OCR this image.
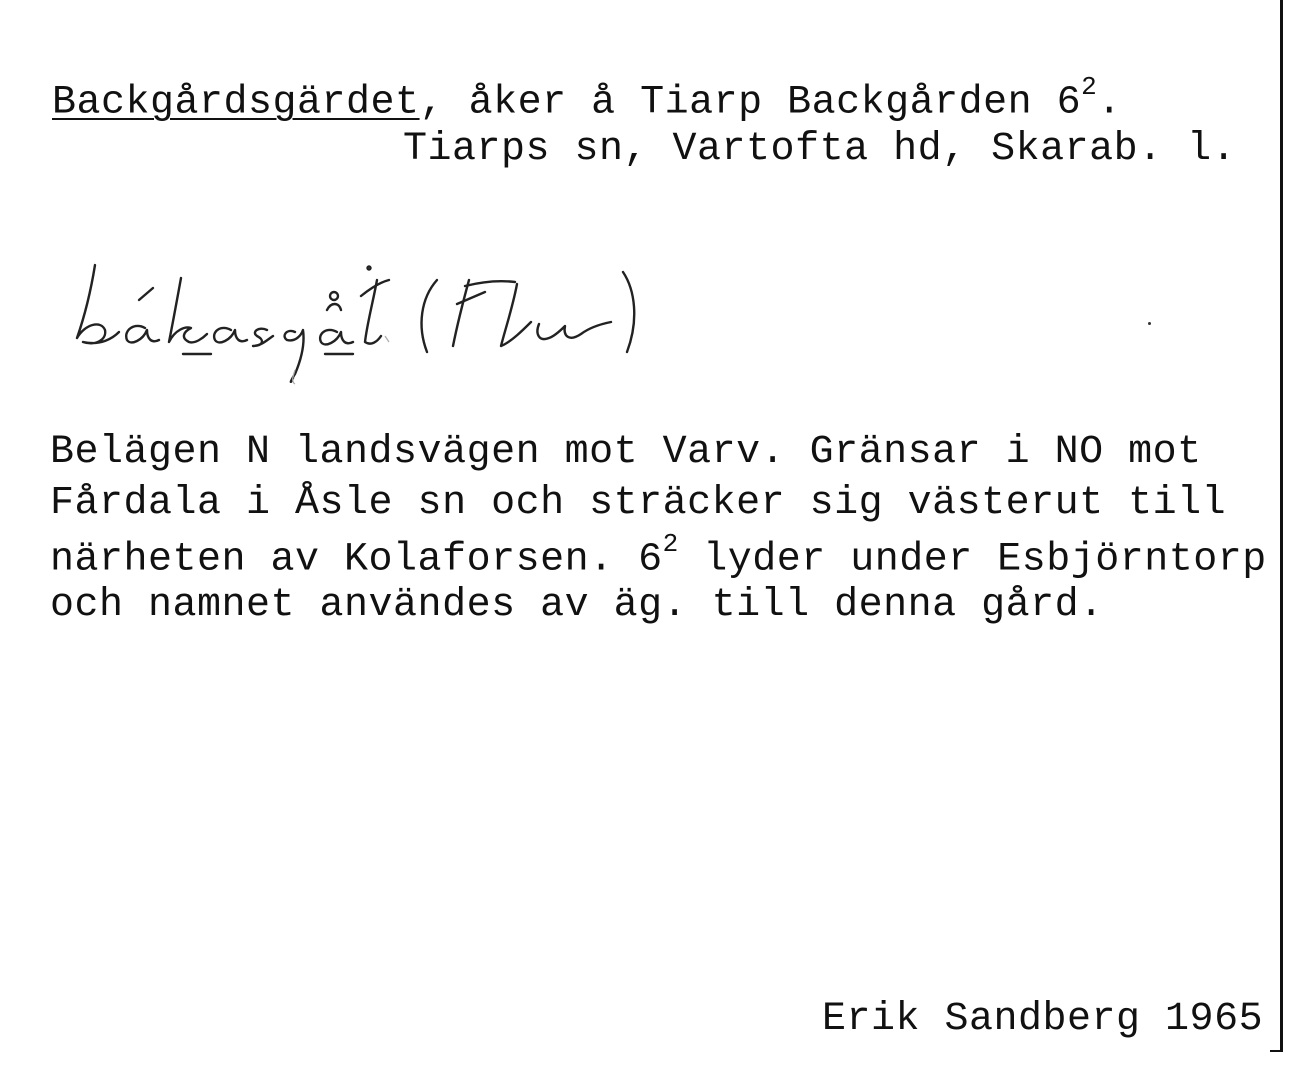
Backgårdsgärdet, åker å Tiarp Backgården $6^2$.
Tiarps sn, Vartofta hd, Skarab. l.
Belägen N landsvägen mot Varv. Gränsar i NO mot
Fårdala i Åsle sn och sträcker sig västerut till
närheten av Kolaforsen. $6^2$ lyder under Esbjörntorp
och namnet användes av äg. till denna gård.
Erik Sandberg 1965
